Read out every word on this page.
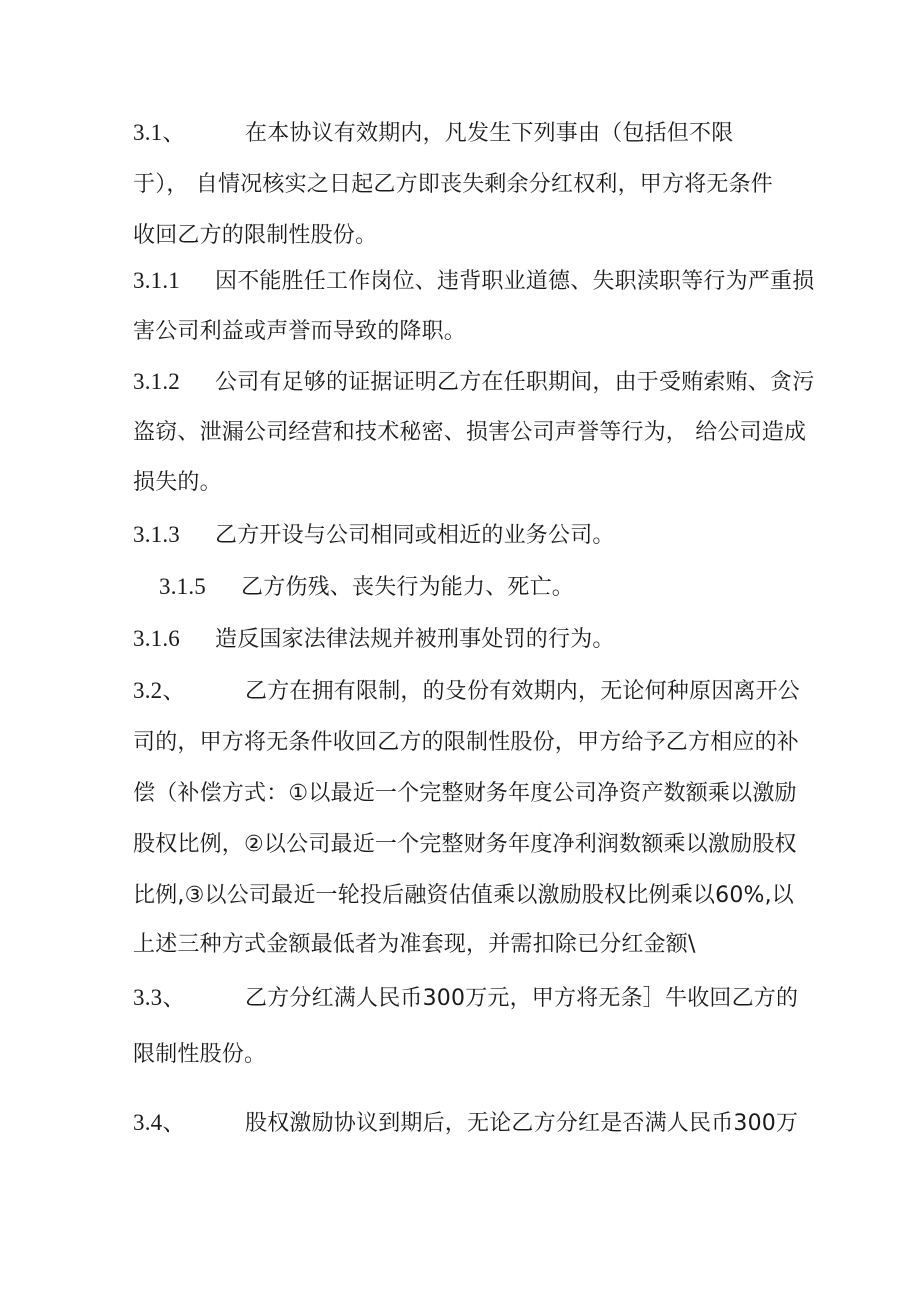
3.1、	在本协议有效期内，凡发生下列事由（包括但不限
于）， 自情况核实之日起乙方即丧失剩余分红权利，甲方将无条件
收回乙方的限制性股份。
3.1.1 因不能胜任工作岗位、违背职业道德、失职渎职等行为严重损
害公司利益或声誉而导致的降职。
3.1.2 公司有足够的证据证明乙方在任职期间，由于受贿索贿、贪污
盗窃、泄漏公司经营和技术秘密、损害公司声誉等行为， 给公司造成
损失的。
3.1.3 乙方开设与公司相同或相近的业务公司。
3.1.5 乙方伤残、丧失行为能力、死亡。
3.1.6 造反国家法律法规并被刑事处罚的行为。
3.2、	乙方在拥有限制，的殳份有效期内，无论何种原因离开公
司的，甲方将无条件收回乙方的限制性股份，甲方给予乙方相应的补
偿（补偿方式：①以最近一个完整财务年度公司净资产数额乘以激励
股权比例，②以公司最近一个完整财务年度净利润数额乘以激励股权
比例,③以公司最近一轮投后融资估值乘以激励股权比例乘以60%,以
上述三种方式金额最低者为准套现，并需扣除已分红金额\
3.3、	乙方分红满人民币300万元，甲方将无条］牛收回乙方的
限制性股份。
3.4、	股权激励协议到期后，无论乙方分红是否满人民币300万
